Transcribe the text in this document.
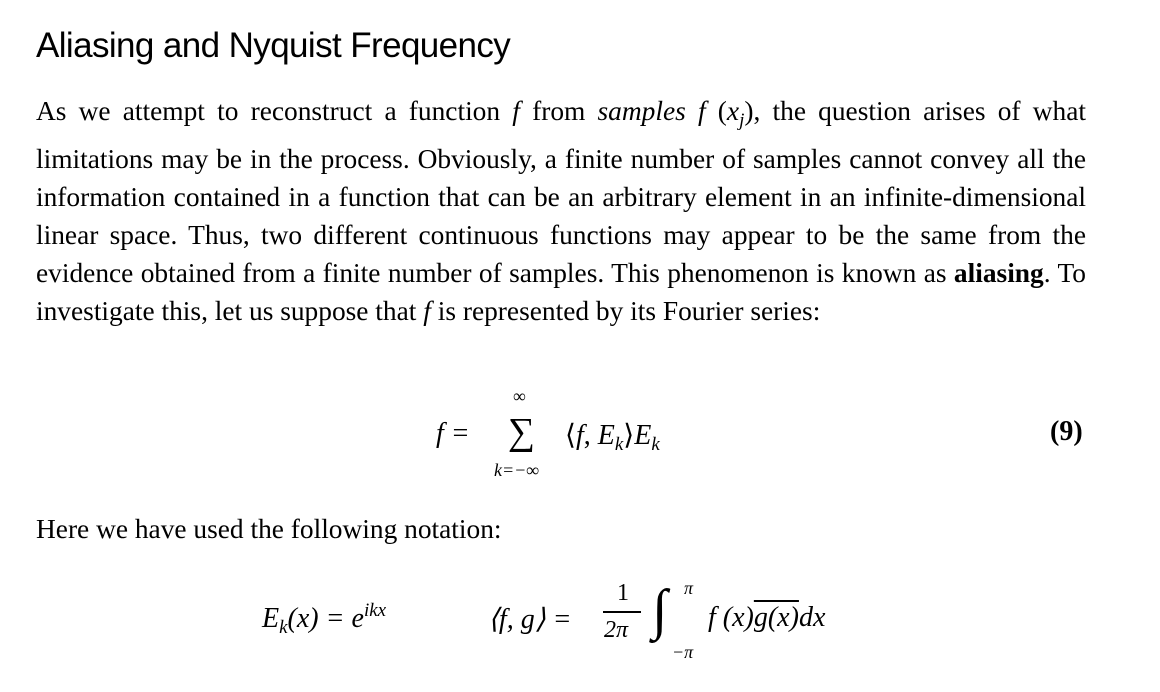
Aliasing and Nyquist Frequency

As we attempt to reconstruct a function f from samples f $(x_j)$, the question arises of what limitations may be in the process. Obviously, a finite number of samples cannot convey all the information contained in a function that can be an arbitrary element in an infinite-dimensional linear space. Thus, two different continuous functions may appear to be the same from the evidence obtained from a finite number of samples. This phenomenon is known as aliasing. To investigate this, let us suppose that f is represented by its Fourier series:

f =
∞
∑
k=−∞
⟨f, $E_k⟩E_k$	(9)

Here we have used the following notation:

$E_k(x) = e^{ikx}$	⟨f, g⟩ =
1
2π ∫ π
−π
f (x)g(x)dx
